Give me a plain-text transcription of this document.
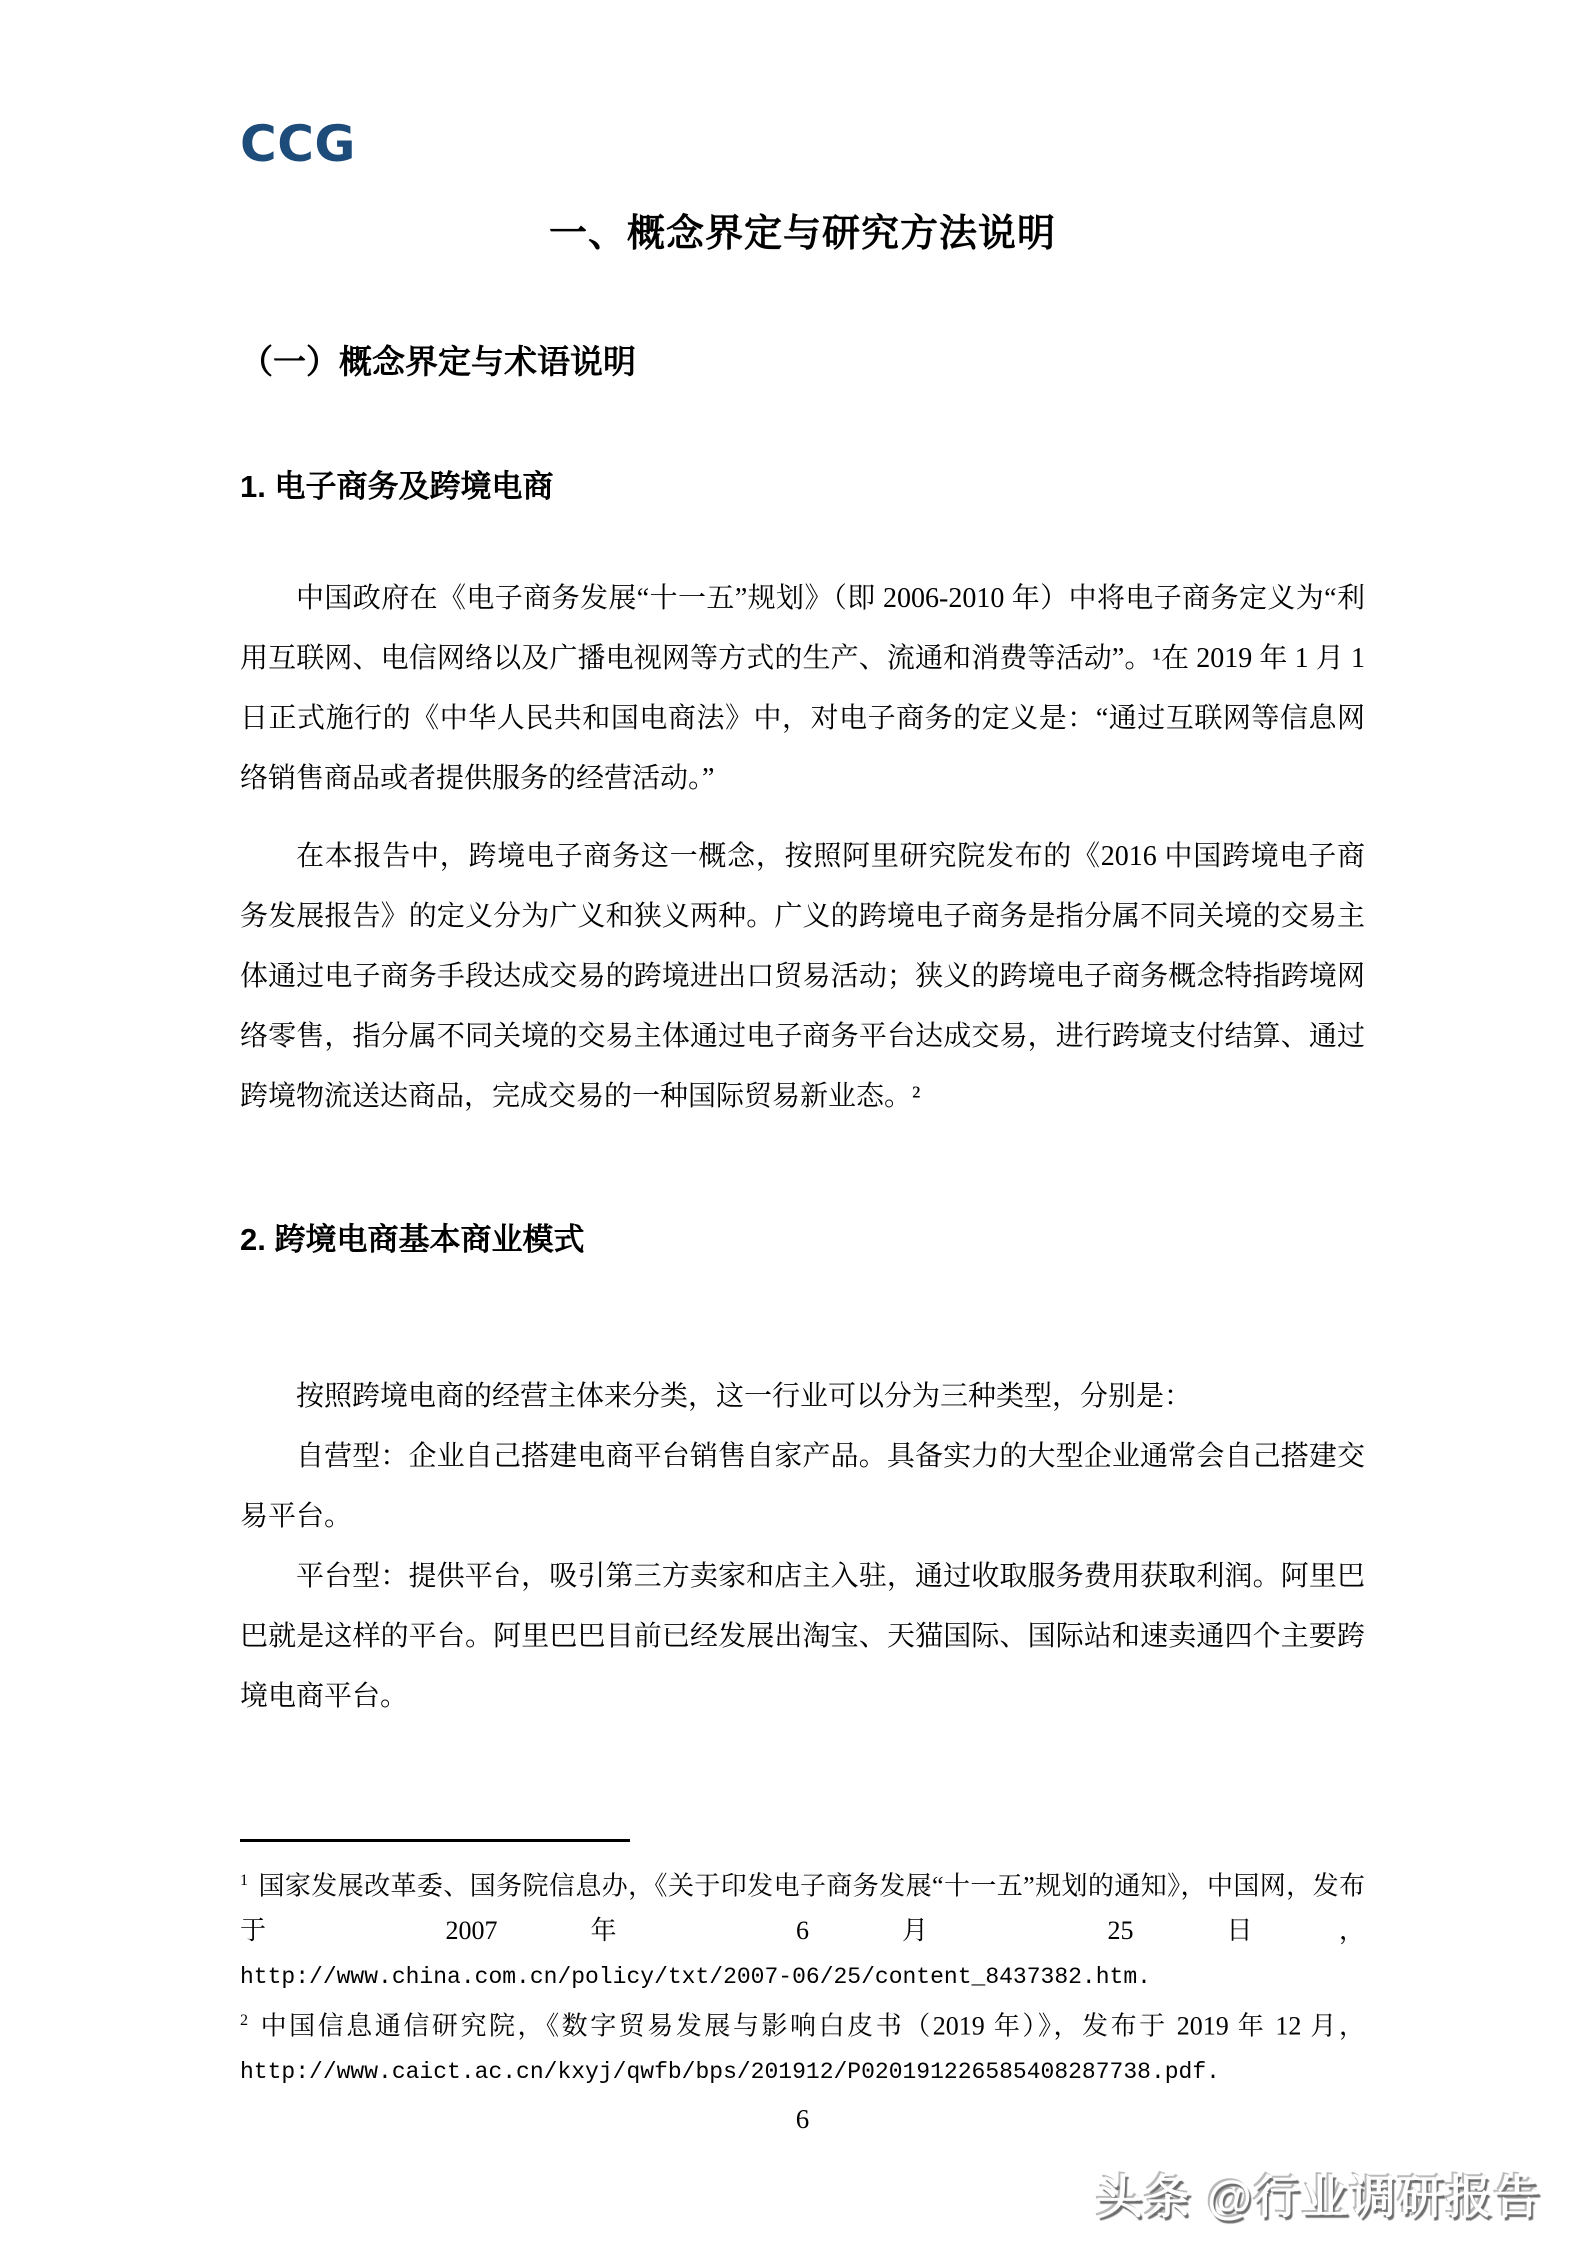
CCG
一、概念界定与研究方法说明
（一）概念界定与术语说明
1. 电子商务及跨境电商

中国政府在《电子商务发展“十一五”规划》（即 2006-2010 年）中将电子商务定义为“利用互联网、电信网络以及广播电视网等方式的生产、流通和消费等活动”。¹在 2019 年 1 月 1 日正式施行的《中华人民共和国电商法》中，对电子商务的定义是：“通过互联网等信息网络销售商品或者提供服务的经营活动。”

在本报告中，跨境电子商务这一概念，按照阿里研究院发布的《2016 中国跨境电子商务发展报告》的定义分为广义和狭义两种。广义的跨境电子商务是指分属不同关境的交易主体通过电子商务手段达成交易的跨境进出口贸易活动；狭义的跨境电子商务概念特指跨境网络零售，指分属不同关境的交易主体通过电子商务平台达成交易，进行跨境支付结算、通过跨境物流送达商品，完成交易的一种国际贸易新业态。²

2. 跨境电商基本商业模式

按照跨境电商的经营主体来分类，这一行业可以分为三种类型，分别是：

自营型：企业自己搭建电商平台销售自家产品。具备实力的大型企业通常会自己搭建交易平台。

平台型：提供平台，吸引第三方卖家和店主入驻，通过收取服务费用获取利润。阿里巴巴就是这样的平台。阿里巴巴目前已经发展出淘宝、天猫国际、国际站和速卖通四个主要跨境电商平台。

$^1$ 国家发展改革委、国务院信息办，《关于印发电子商务发展“十一五”规划的通知》，中国网，发布于 2007 年 6 月 25 日，http://www.china.com.cn/policy/txt/2007-06/25/content_8437382.htm.
$^2$ 中国信息通信研究院，《数字贸易发展与影响白皮书（2019 年）》，发布于 2019 年 12 月，http://www.caict.ac.cn/kxyj/qwfb/bps/201912/P020191226585408287738.pdf.
6
头条 @行业调研报告
